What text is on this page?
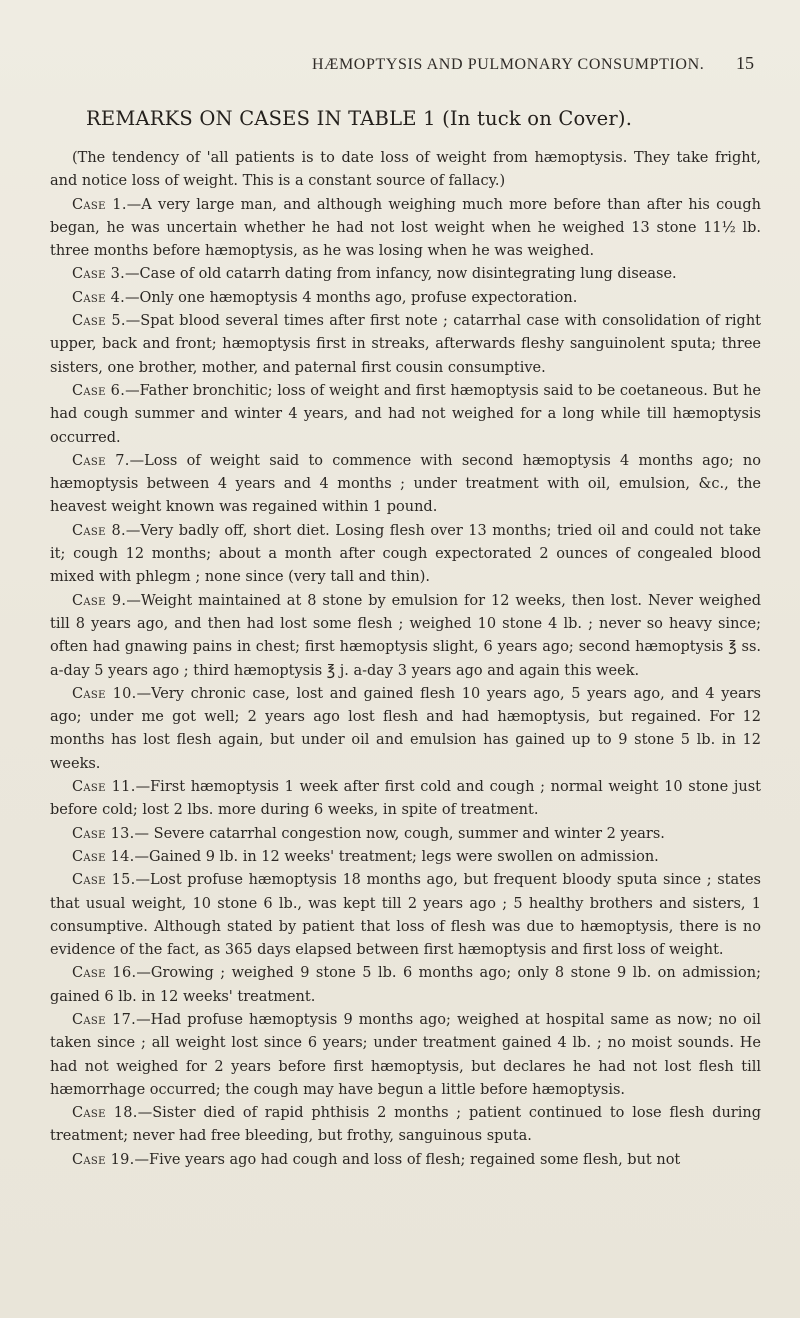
HÆMOPTYSIS AND PULMONARY CONSUMPTION. 15
REMARKS ON CASES IN TABLE 1 (In tuck on Cover).

(The tendency of 'all patients is to date loss of weight from hæmoptysis. They take fright, and notice loss of weight. This is a constant source of fallacy.)

Case 1.—A very large man, and although weighing much more before than after his cough began, he was uncertain whether he had not lost weight when he weighed 13 stone 11½ lb. three months before hæmoptysis, as he was losing when he was weighed.

Case 3.—Case of old catarrh dating from infancy, now disintegrating lung disease.

Case 4.—Only one hæmoptysis 4 months ago, profuse expectoration.

Case 5.—Spat blood several times after first note ; catarrhal case with consolidation of right upper, back and front; hæmoptysis first in streaks, afterwards fleshy sanguinolent sputa; three sisters, one brother, mother, and paternal first cousin consumptive.

Case 6.—Father bronchitic; loss of weight and first hæmoptysis said to be coetaneous. But he had cough summer and winter 4 years, and had not weighed for a long while till hæmoptysis occurred.

Case 7.—Loss of weight said to commence with second hæmoptysis 4 months ago; no hæmoptysis between 4 years and 4 months ; under treatment with oil, emulsion, &c., the heavest weight known was regained within 1 pound.

Case 8.—Very badly off, short diet. Losing flesh over 13 months; tried oil and could not take it; cough 12 months; about a month after cough expectorated 2 ounces of congealed blood mixed with phlegm ; none since (very tall and thin).

Case 9.—Weight maintained at 8 stone by emulsion for 12 weeks, then lost. Never weighed till 8 years ago, and then had lost some flesh ; weighed 10 stone 4 lb. ; never so heavy since; often had gnawing pains in chest; first hæmoptysis slight, 6 years ago; second hæmoptysis ℥ ss. a-day 5 years ago ; third hæmoptysis ℥ j. a-day 3 years ago and again this week.

Case 10.—Very chronic case, lost and gained flesh 10 years ago, 5 years ago, and 4 years ago; under me got well; 2 years ago lost flesh and had hæmoptysis, but regained. For 12 months has lost flesh again, but under oil and emulsion has gained up to 9 stone 5 lb. in 12 weeks.

Case 11.—First hæmoptysis 1 week after first cold and cough ; normal weight 10 stone just before cold; lost 2 lbs. more during 6 weeks, in spite of treatment.

Case 13.— Severe catarrhal congestion now, cough, summer and winter 2 years.

Case 14.—Gained 9 lb. in 12 weeks' treatment; legs were swollen on admission.

Case 15.—Lost profuse hæmoptysis 18 months ago, but frequent bloody sputa since ; states that usual weight, 10 stone 6 lb., was kept till 2 years ago ; 5 healthy brothers and sisters, 1 consumptive. Although stated by patient that loss of flesh was due to hæmoptysis, there is no evidence of the fact, as 365 days elapsed between first hæmoptysis and first loss of weight.

Case 16.—Growing ; weighed 9 stone 5 lb. 6 months ago; only 8 stone 9 lb. on admission; gained 6 lb. in 12 weeks' treatment.

Case 17.—Had profuse hæmoptysis 9 months ago; weighed at hospital same as now; no oil taken since ; all weight lost since 6 years; under treatment gained 4 lb. ; no moist sounds. He had not weighed for 2 years before first hæmoptysis, but declares he had not lost flesh till hæmorrhage occurred; the cough may have begun a little before hæmoptysis.

Case 18.—Sister died of rapid phthisis 2 months ; patient continued to lose flesh during treatment; never had free bleeding, but frothy, sanguinous sputa.

Case 19.—Five years ago had cough and loss of flesh; regained some flesh, but not
